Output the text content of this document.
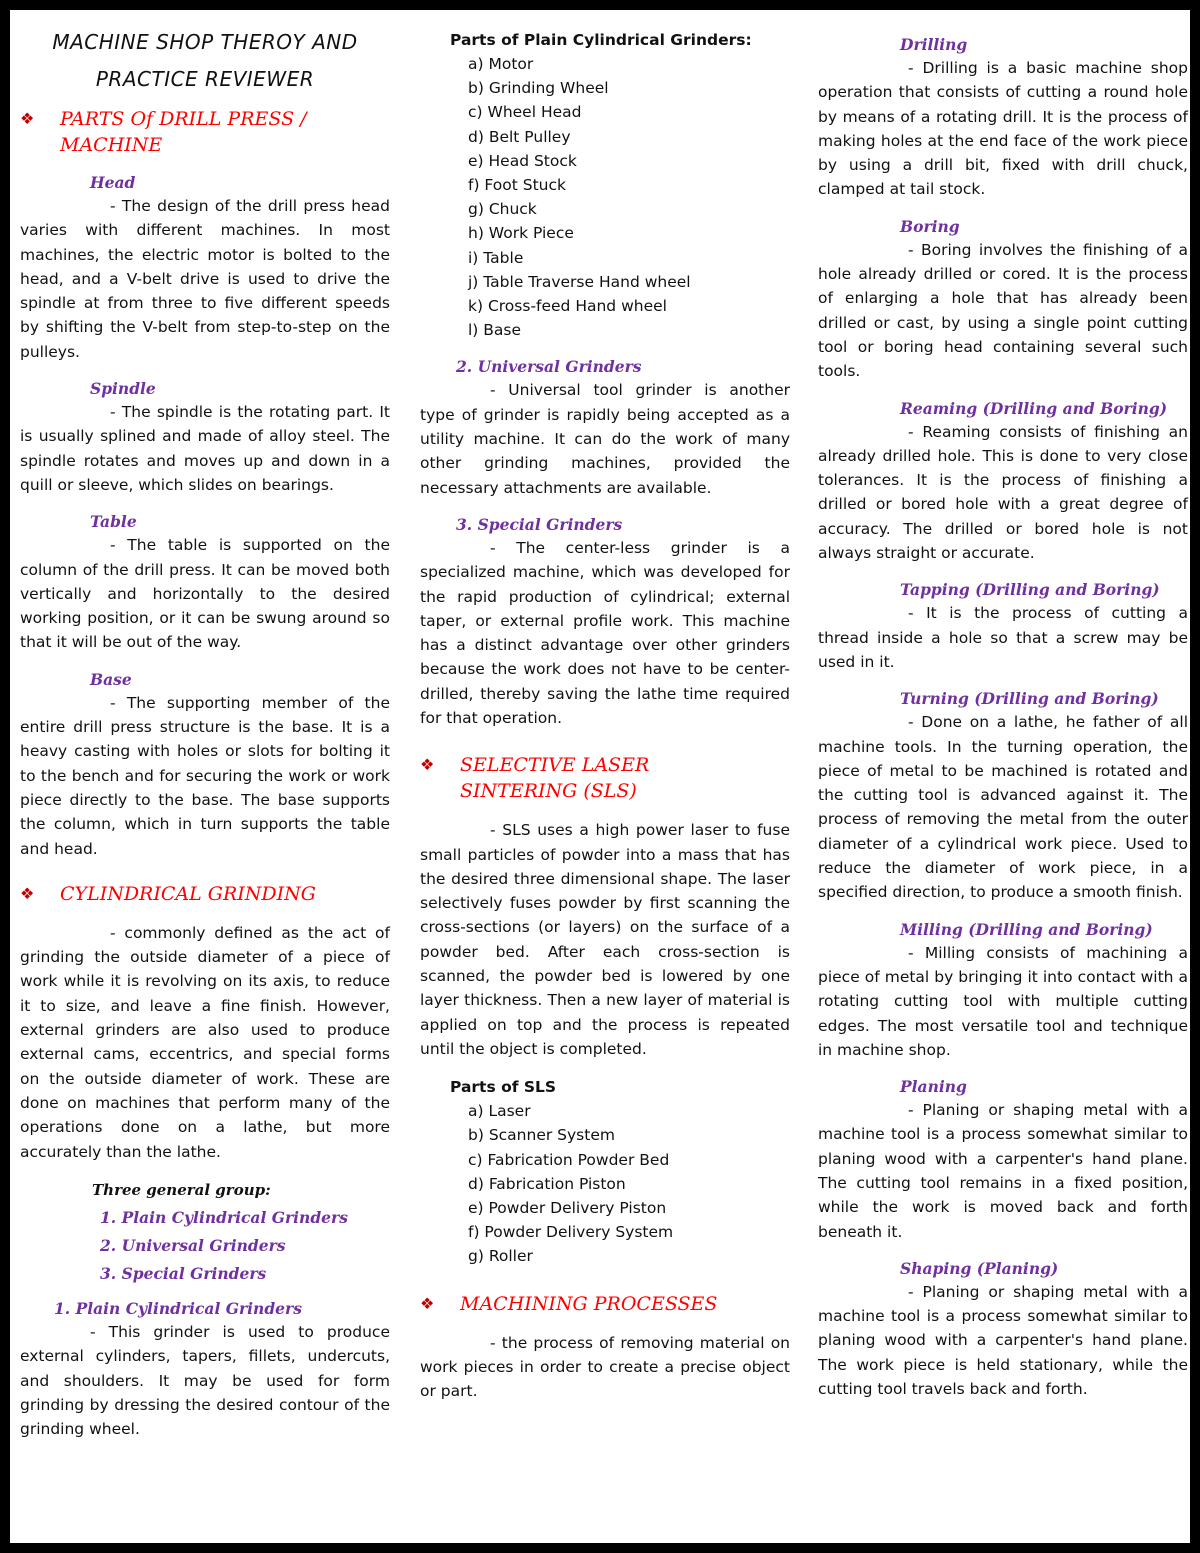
MACHINE SHOP THEROY AND
PRACTICE REVIEWER
❖	PARTS Of DRILL PRESS / MACHINE
Head

- The design of the drill press head varies with different machines. In most machines, the electric motor is bolted to the head, and a V-belt drive is used to drive the spindle at from three to five different speeds by shifting the V-belt from step-to-step on the pulleys.

Spindle

- The spindle is the rotating part. It is usually splined and made of alloy steel. The spindle rotates and moves up and down in a quill or sleeve, which slides on bearings.

Table

- The table is supported on the column of the drill press. It can be moved both vertically and horizontally to the desired working position, or it can be swung around so that it will be out of the way.

Base

- The supporting member of the entire drill press structure is the base. It is a heavy casting with holes or slots for bolting it to the bench and for securing the work or work piece directly to the base. The base supports the column, which in turn supports the table and head.

❖	CYLINDRICAL GRINDING

- commonly defined as the act of grinding the outside diameter of a piece of work while it is revolving on its axis, to reduce it to size, and leave a fine finish. However, external grinders are also used to produce external cams, eccentrics, and special forms on the outside diameter of work. These are done on machines that perform many of the operations done on a lathe, but more accurately than the lathe.

Three general group:
1. Plain Cylindrical Grinders
2. Universal Grinders
3. Special Grinders
1. Plain Cylindrical Grinders

- This grinder is used to produce external cylinders, tapers, fillets, undercuts, and shoulders. It may be used for form grinding by dressing the desired contour of the grinding wheel.

Parts of Plain Cylindrical Grinders:
a) Motor
b) Grinding Wheel
c) Wheel Head
d) Belt Pulley
e) Head Stock
f) Foot Stuck
g) Chuck
h) Work Piece
i) Table
j) Table Traverse Hand wheel
k) Cross-feed Hand wheel
l) Base
2. Universal Grinders

- Universal tool grinder is another type of grinder is rapidly being accepted as a utility machine. It can do the work of many other grinding machines, provided the necessary attachments are available.

3. Special Grinders

- The center-less grinder is a specialized machine, which was developed for the rapid production of cylindrical; external taper, or external profile work. This machine has a distinct advantage over other grinders because the work does not have to be center-drilled, thereby saving the lathe time required for that operation.

❖	SELECTIVE LASER SINTERING (SLS)

- SLS uses a high power laser to fuse small particles of powder into a mass that has the desired three dimensional shape. The laser selectively fuses powder by first scanning the cross-sections (or layers) on the surface of a powder bed. After each cross-section is scanned, the powder bed is lowered by one layer thickness. Then a new layer of material is applied on top and the process is repeated until the object is completed.

Parts of SLS
a) Laser
b) Scanner System
c) Fabrication Powder Bed
d) Fabrication Piston
e) Powder Delivery Piston
f) Powder Delivery System
g) Roller
❖	MACHINING PROCESSES

- the process of removing material on work pieces in order to create a precise object or part.

Drilling

- Drilling is a basic machine shop operation that consists of cutting a round hole by means of a rotating drill. It is the process of making holes at the end face of the work piece by using a drill bit, fixed with drill chuck, clamped at tail stock.

Boring

- Boring involves the finishing of a hole already drilled or cored. It is the process of enlarging a hole that has already been drilled or cast, by using a single point cutting tool or boring head containing several such tools.

Reaming (Drilling and Boring)

- Reaming consists of finishing an already drilled hole. This is done to very close tolerances. It is the process of finishing a drilled or bored hole with a great degree of accuracy. The drilled or bored hole is not always straight or accurate.

Tapping (Drilling and Boring)

- It is the process of cutting a thread inside a hole so that a screw may be used in it.

Turning (Drilling and Boring)

- Done on a lathe, he father of all machine tools. In the turning operation, the piece of metal to be machined is rotated and the cutting tool is advanced against it. The process of removing the metal from the outer diameter of a cylindrical work piece. Used to reduce the diameter of work piece, in a specified direction, to produce a smooth finish.

Milling (Drilling and Boring)

- Milling consists of machining a piece of metal by bringing it into contact with a rotating cutting tool with multiple cutting edges. The most versatile tool and technique in machine shop.

Planing

- Planing or shaping metal with a machine tool is a process somewhat similar to planing wood with a carpenter's hand plane. The cutting tool remains in a fixed position, while the work is moved back and forth beneath it.

Shaping (Planing)

- Planing or shaping metal with a machine tool is a process somewhat similar to planing wood with a carpenter's hand plane. The work piece is held stationary, while the cutting tool travels back and forth.
